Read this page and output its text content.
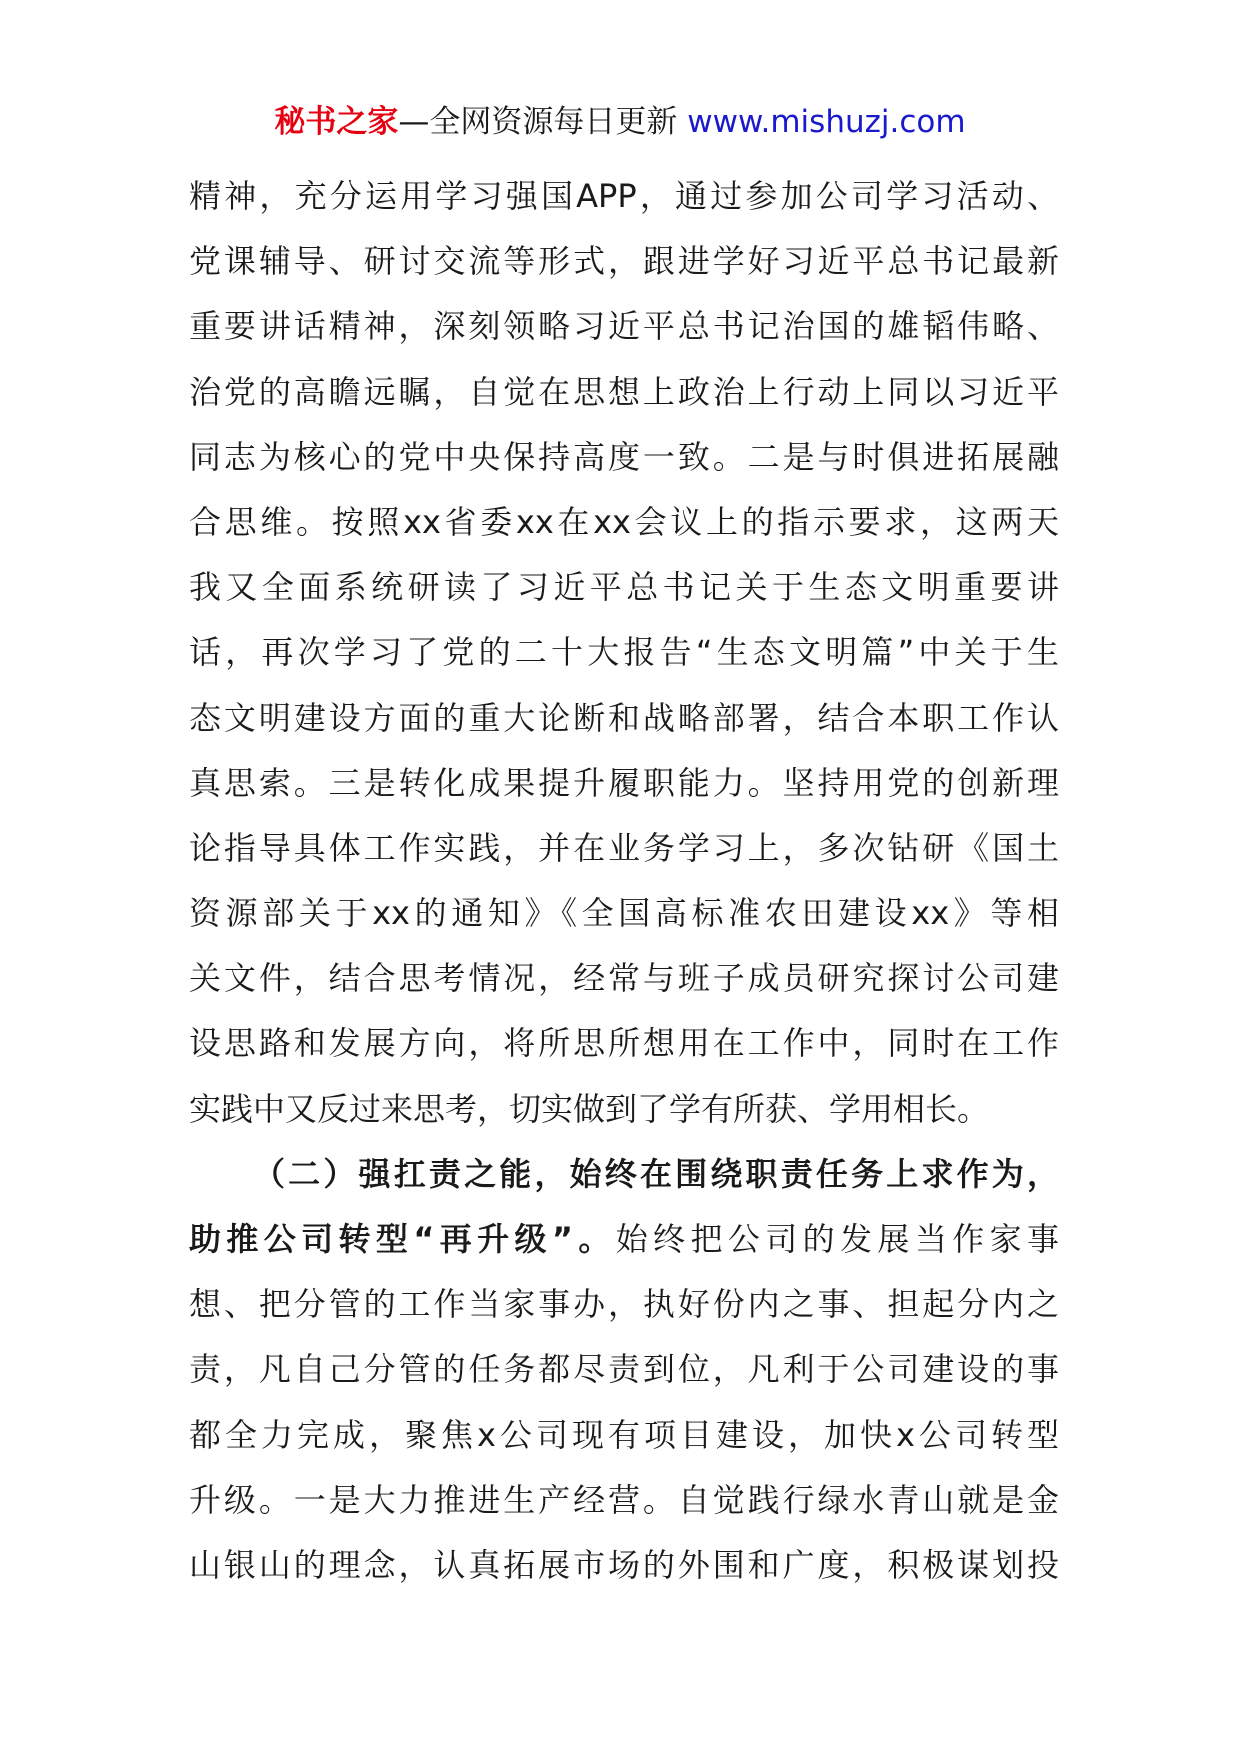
秘书之家—全网资源每日更新 www.mishuzj.com
精神，充分运用学习强国APP，通过参加公司学习活动、
党课辅导、研讨交流等形式，跟进学好习近平总书记最新
重要讲话精神，深刻领略习近平总书记治国的雄韬伟略、
治党的高瞻远瞩，自觉在思想上政治上行动上同以习近平
同志为核心的党中央保持高度一致。二是与时俱进拓展融
合思维。按照xx省委xx在xx会议上的指示要求，这两天
我又全面系统研读了习近平总书记关于生态文明重要讲
话，再次学习了党的二十大报告“生态文明篇”中关于生
态文明建设方面的重大论断和战略部署，结合本职工作认
真思索。三是转化成果提升履职能力。坚持用党的创新理
论指导具体工作实践，并在业务学习上，多次钻研《国土
资源部关于xx的通知》《全国高标准农田建设xx》等相
关文件，结合思考情况，经常与班子成员研究探讨公司建
设思路和发展方向，将所思所想用在工作中，同时在工作
实践中又反过来思考，切实做到了学有所获、学用相长。
（二）强扛责之能，始终在围绕职责任务上求作为，
助推公司转型“再升级”。始终把公司的发展当作家事
想、把分管的工作当家事办，执好份内之事、担起分内之
责，凡自己分管的任务都尽责到位，凡利于公司建设的事
都全力完成，聚焦x公司现有项目建设，加快x公司转型
升级。一是大力推进生产经营。自觉践行绿水青山就是金
山银山的理念，认真拓展市场的外围和广度，积极谋划投
